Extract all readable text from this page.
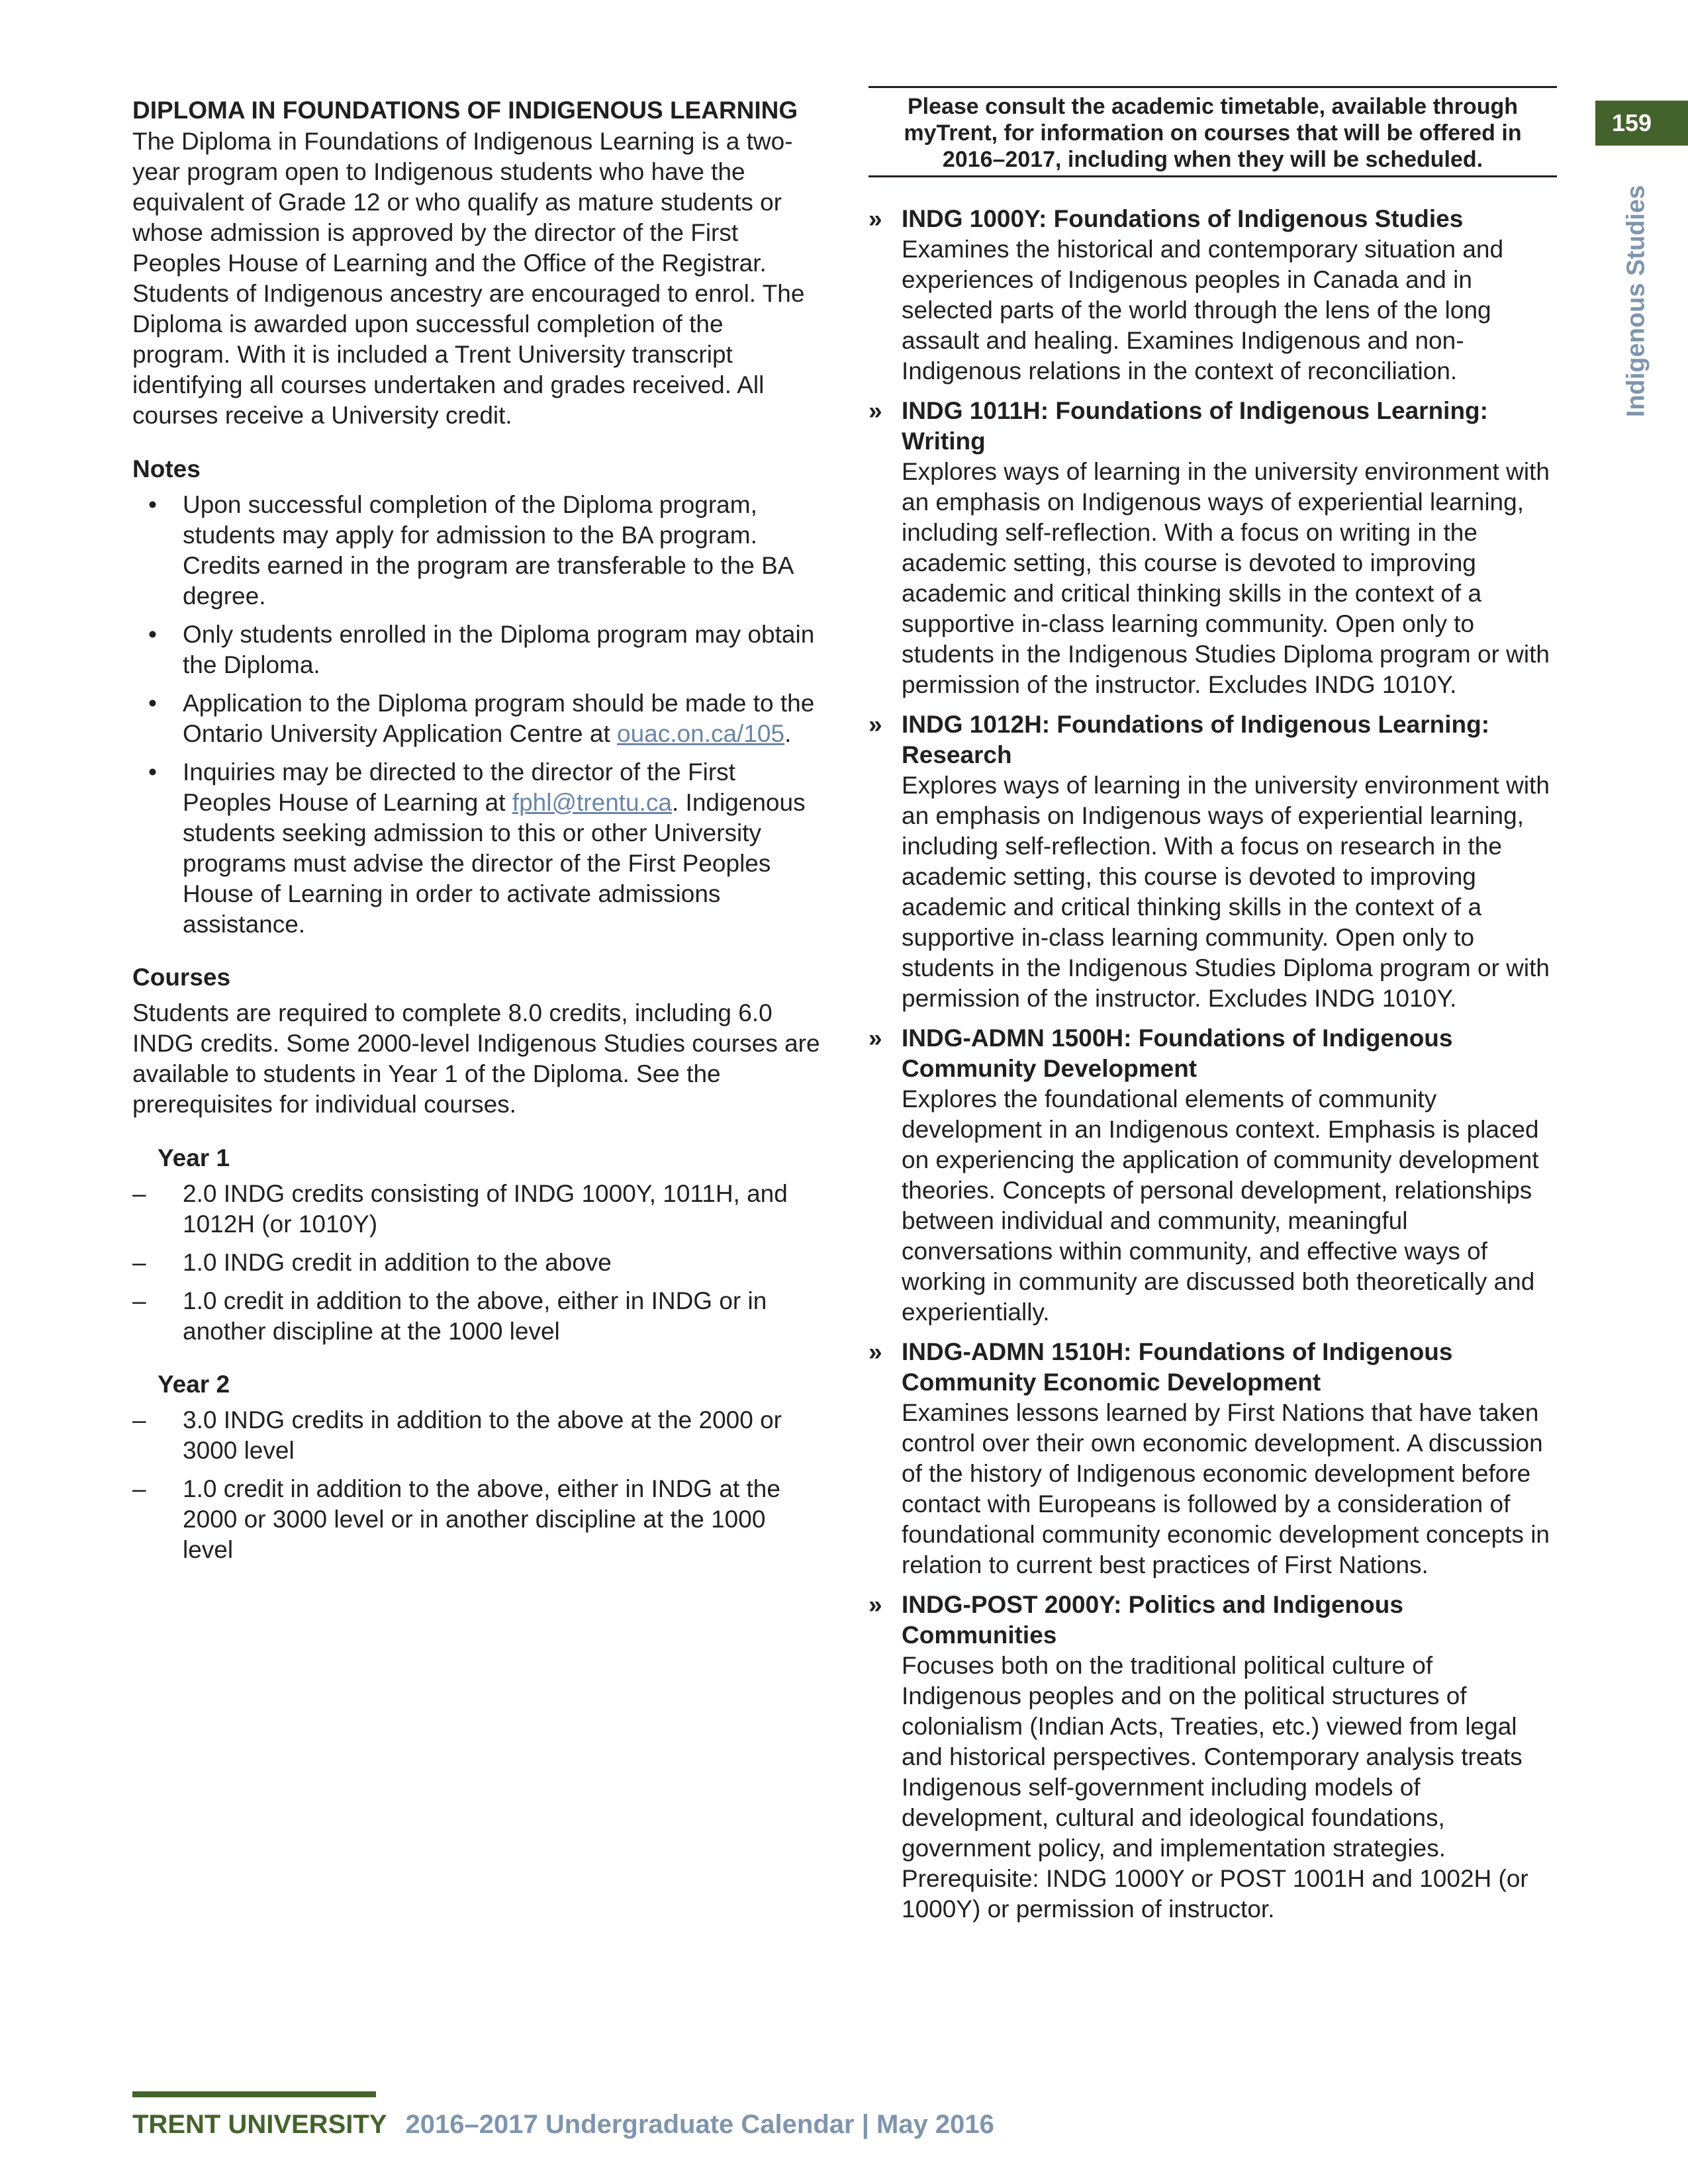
159
Indigenous Studies
DIPLOMA IN FOUNDATIONS OF INDIGENOUS LEARNING

The Diploma in Foundations of Indigenous Learning is a two-year program open to Indigenous students who have the equivalent of Grade 12 or who qualify as mature students or whose admission is approved by the director of the First Peoples House of Learning and the Office of the Registrar. Students of Indigenous ancestry are encouraged to enrol. The Diploma is awarded upon successful completion of the program. With it is included a Trent University transcript identifying all courses undertaken and grades received. All courses receive a University credit.

Notes
• Upon successful completion of the Diploma program, students may apply for admission to the BA program. Credits earned in the program are transferable to the BA degree.
• Only students enrolled in the Diploma program may obtain the Diploma.
• Application to the Diploma program should be made to the Ontario University Application Centre at ouac.on.ca/105.
• Inquiries may be directed to the director of the First Peoples House of Learning at fphl@trentu.ca. Indigenous students seeking admission to this or other University programs must advise the director of the First Peoples House of Learning in order to activate admissions assistance.
Courses

Students are required to complete 8.0 credits, including 6.0 INDG credits. Some 2000-level Indigenous Studies courses are available to students in Year 1 of the Diploma. See the prerequisites for individual courses.

Year 1
– 2.0 INDG credits consisting of INDG 1000Y, 1011H, and 1012H (or 1010Y)
– 1.0 INDG credit in addition to the above
– 1.0 credit in addition to the above, either in INDG or in another discipline at the 1000 level
Year 2
– 3.0 INDG credits in addition to the above at the 2000 or 3000 level
– 1.0 credit in addition to the above, either in INDG at the 2000 or 3000 level or in another discipline at the 1000 level
Please consult the academic timetable, available through myTrent, for information on courses that will be offered in 2016–2017, including when they will be scheduled.
» INDG 1000Y: Foundations of Indigenous Studies
Examines the historical and contemporary situation and experiences of Indigenous peoples in Canada and in selected parts of the world through the lens of the long assault and healing. Examines Indigenous and non-Indigenous relations in the context of reconciliation.
» INDG 1011H: Foundations of Indigenous Learning: Writing
Explores ways of learning in the university environment with an emphasis on Indigenous ways of experiential learning, including self-reflection. With a focus on writing in the academic setting, this course is devoted to improving academic and critical thinking skills in the context of a supportive in-class learning community. Open only to students in the Indigenous Studies Diploma program or with permission of the instructor. Excludes INDG 1010Y.
» INDG 1012H: Foundations of Indigenous Learning: Research
Explores ways of learning in the university environment with an emphasis on Indigenous ways of experiential learning, including self-reflection. With a focus on research in the academic setting, this course is devoted to improving academic and critical thinking skills in the context of a supportive in-class learning community. Open only to students in the Indigenous Studies Diploma program or with permission of the instructor. Excludes INDG 1010Y.
» INDG-ADMN 1500H: Foundations of Indigenous Community Development
Explores the foundational elements of community development in an Indigenous context. Emphasis is placed on experiencing the application of community development theories. Concepts of personal development, relationships between individual and community, meaningful conversations within community, and effective ways of working in community are discussed both theoretically and experientially.
» INDG-ADMN 1510H: Foundations of Indigenous Community Economic Development
Examines lessons learned by First Nations that have taken control over their own economic development. A discussion of the history of Indigenous economic development before contact with Europeans is followed by a consideration of foundational community economic development concepts in relation to current best practices of First Nations.
» INDG-POST 2000Y: Politics and Indigenous Communities
Focuses both on the traditional political culture of Indigenous peoples and on the political structures of colonialism (Indian Acts, Treaties, etc.) viewed from legal and historical perspectives. Contemporary analysis treats Indigenous self-government including models of development, cultural and ideological foundations, government policy, and implementation strategies. Prerequisite: INDG 1000Y or POST 1001H and 1002H (or 1000Y) or permission of instructor.
TRENT UNIVERSITY 2016–2017 Undergraduate Calendar | May 2016
